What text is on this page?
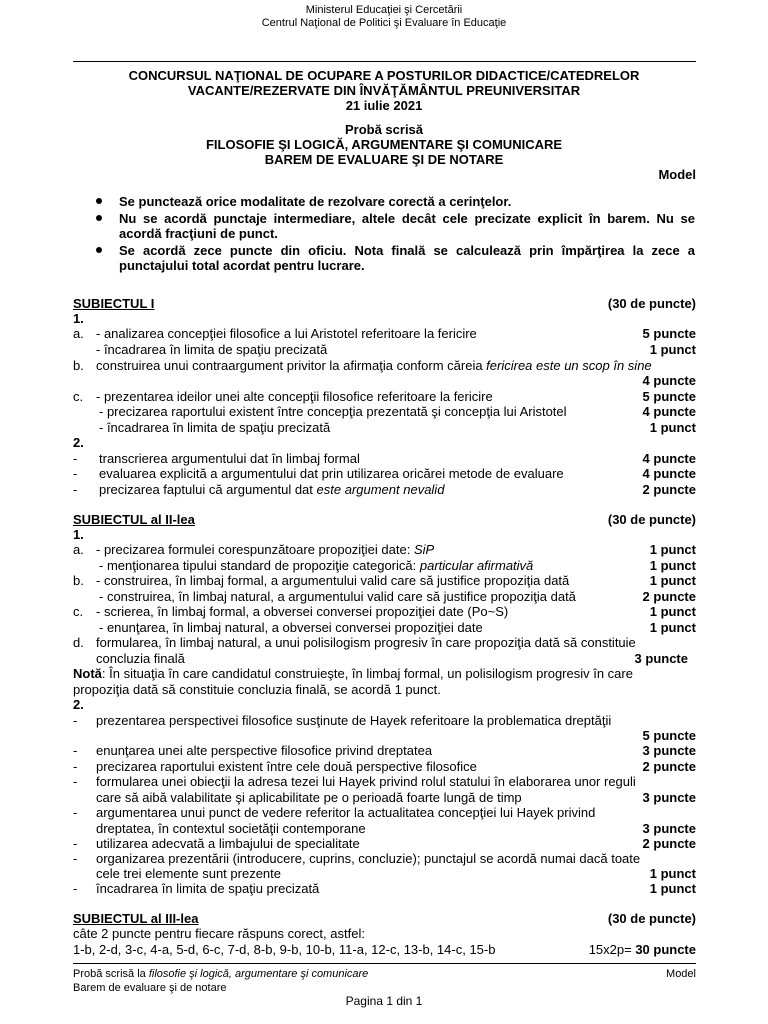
Ministerul Educaţiei şi Cercetării
Centrul Naţional de Politici şi Evaluare în Educaţie
CONCURSUL NAŢIONAL DE OCUPARE A POSTURILOR DIDACTICE/CATEDRELOR
VACANTE/REZERVATE DIN ÎNVĂŢĂMÂNTUL PREUNIVERSITAR
21 iulie 2021
Probă scrisă
FILOSOFIE ŞI LOGICĂ, ARGUMENTARE ŞI COMUNICARE
BAREM DE EVALUARE ŞI DE NOTARE
Model
Se punctează orice modalitate de rezolvare corectă a cerinţelor.
Nu se acordă punctaje intermediare, altele decât cele precizate explicit în barem. Nu se acordă fracţiuni de punct.
Se acordă zece puncte din oficiu. Nota finală se calculează prin împărţirea la zece a punctajului total acordat pentru lucrare.
SUBIECTUL I	(30 de puncte)
1.
a. - analizarea concepţiei filosofice a lui Aristotel referitoare la fericire	5 puncte
- încadrarea în limita de spaţiu precizată	1 punct
b. construirea unui contraargument privitor la afirmaţia conform căreia fericirea este un scop în sine
4 puncte
c. - prezentarea ideilor unei alte concepţii filosofice referitoare la fericire	5 puncte
- precizarea raportului existent între concepţia prezentată şi concepţia lui Aristotel	4 puncte
- încadrarea în limita de spaţiu precizată	1 punct
2.
- transcrierea argumentului dat în limbaj formal	4 puncte
- evaluarea explicită a argumentului dat prin utilizarea oricărei metode de evaluare	4 puncte
- precizarea faptului că argumentul dat este argument nevalid	2 puncte
SUBIECTUL al II-lea	(30 de puncte)
1.
a. - precizarea formulei corespunzătoare propoziţiei date: SiP	1 punct
- menţionarea tipului standard de propoziţie categorică: particular afirmativă	1 punct
b. - construirea, în limbaj formal, a argumentului valid care să justifice propoziţia dată	1 punct
- construirea, în limbaj natural, a argumentului valid care să justifice propoziţia dată	2 puncte
c. - scrierea, în limbaj formal, a obversei conversei propoziţiei date (Po~S)	1 punct
- enunţarea, în limbaj natural, a obversei conversei propoziţiei date	1 punct
d. formularea, în limbaj natural, a unui polisilogism progresiv în care propoziţia dată să constituie
concluzia finală	3 puncte
Notă: În situaţia în care candidatul construieşte, în limbaj formal, un polisilogism progresiv în care
propoziţia dată să constituie concluzia finală, se acordă 1 punct.
2.
- prezentarea perspectivei filosofice susţinute de Hayek referitoare la problematica dreptăţii
5 puncte
- enunţarea unei alte perspective filosofice privind dreptatea	3 puncte
- precizarea raportului existent între cele două perspective filosofice	2 puncte
- formularea unei obiecţii la adresa tezei lui Hayek privind rolul statului în elaborarea unor reguli
care să aibă valabilitate şi aplicabilitate pe o perioadă foarte lungă de timp	3 puncte
- argumentarea unui punct de vedere referitor la actualitatea concepţiei lui Hayek privind
dreptatea, în contextul societăţii contemporane	3 puncte
- utilizarea adecvată a limbajului de specialitate	2 puncte
- organizarea prezentării (introducere, cuprins, concluzie); punctajul se acordă numai dacă toate
cele trei elemente sunt prezente	1 punct
- încadrarea în limita de spaţiu precizată	1 punct
SUBIECTUL al III-lea	(30 de puncte)
câte 2 puncte pentru fiecare răspuns corect, astfel:
1-b, 2-d, 3-c, 4-a, 5-d, 6-c, 7-d, 8-b, 9-b, 10-b, 11-a, 12-c, 13-b, 14-c, 15-b	15x2p= 30 puncte
Probă scrisă la filosofie şi logică, argumentare şi comunicare	Model
Barem de evaluare şi de notare
Pagina 1 din 1
